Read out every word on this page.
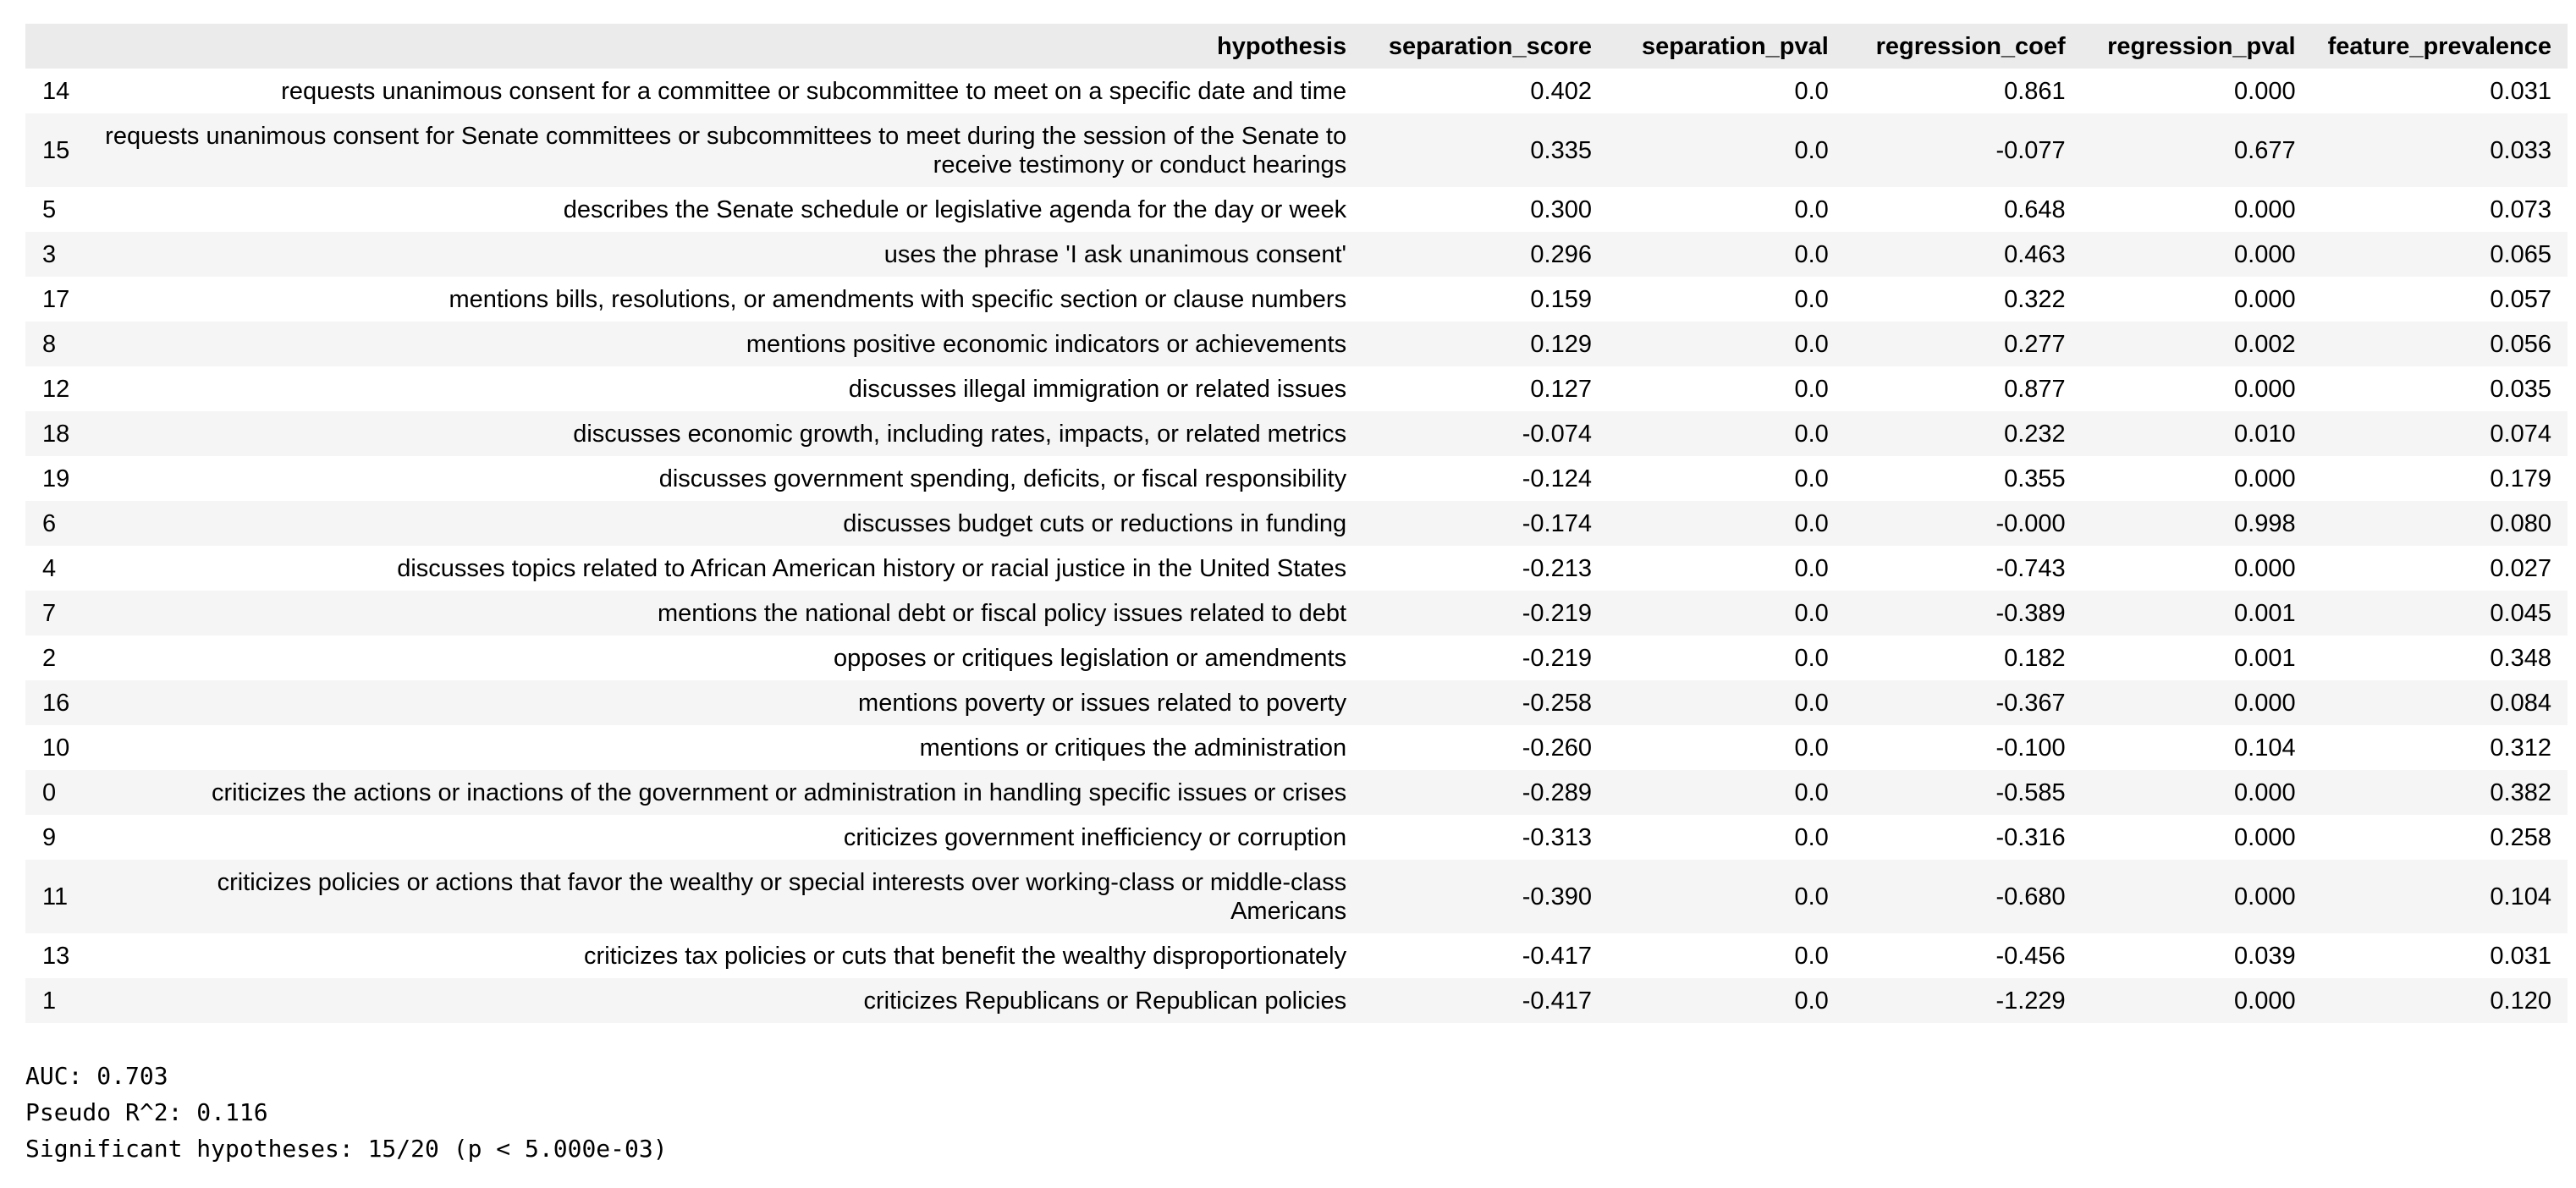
	hypothesis	separation_score	separation_pval	regression_coef	regression_pval	feature_prevalence
14	requests unanimous consent for a committee or subcommittee to meet on a specific date and time	0.402	0.0	0.861	0.000	0.031
15	requests unanimous consent for Senate committees or subcommittees to meet during the session of the Senate to receive testimony or conduct hearings	0.335	0.0	-0.077	0.677	0.033
5	describes the Senate schedule or legislative agenda for the day or week	0.300	0.0	0.648	0.000	0.073
3	uses the phrase 'I ask unanimous consent'	0.296	0.0	0.463	0.000	0.065
17	mentions bills, resolutions, or amendments with specific section or clause numbers	0.159	0.0	0.322	0.000	0.057
8	mentions positive economic indicators or achievements	0.129	0.0	0.277	0.002	0.056
12	discusses illegal immigration or related issues	0.127	0.0	0.877	0.000	0.035
18	discusses economic growth, including rates, impacts, or related metrics	-0.074	0.0	0.232	0.010	0.074
19	discusses government spending, deficits, or fiscal responsibility	-0.124	0.0	0.355	0.000	0.179
6	discusses budget cuts or reductions in funding	-0.174	0.0	-0.000	0.998	0.080
4	discusses topics related to African American history or racial justice in the United States	-0.213	0.0	-0.743	0.000	0.027
7	mentions the national debt or fiscal policy issues related to debt	-0.219	0.0	-0.389	0.001	0.045
2	opposes or critiques legislation or amendments	-0.219	0.0	0.182	0.001	0.348
16	mentions poverty or issues related to poverty	-0.258	0.0	-0.367	0.000	0.084
10	mentions or critiques the administration	-0.260	0.0	-0.100	0.104	0.312
0	criticizes the actions or inactions of the government or administration in handling specific issues or crises	-0.289	0.0	-0.585	0.000	0.382
9	criticizes government inefficiency or corruption	-0.313	0.0	-0.316	0.000	0.258
11	criticizes policies or actions that favor the wealthy or special interests over working-class or middle-class Americans	-0.390	0.0	-0.680	0.000	0.104
13	criticizes tax policies or cuts that benefit the wealthy disproportionately	-0.417	0.0	-0.456	0.039	0.031
1	criticizes Republicans or Republican policies	-0.417	0.0	-1.229	0.000	0.120
AUC: 0.703
Pseudo R^2: 0.116
Significant hypotheses: 15/20 (p < 5.000e-03)
